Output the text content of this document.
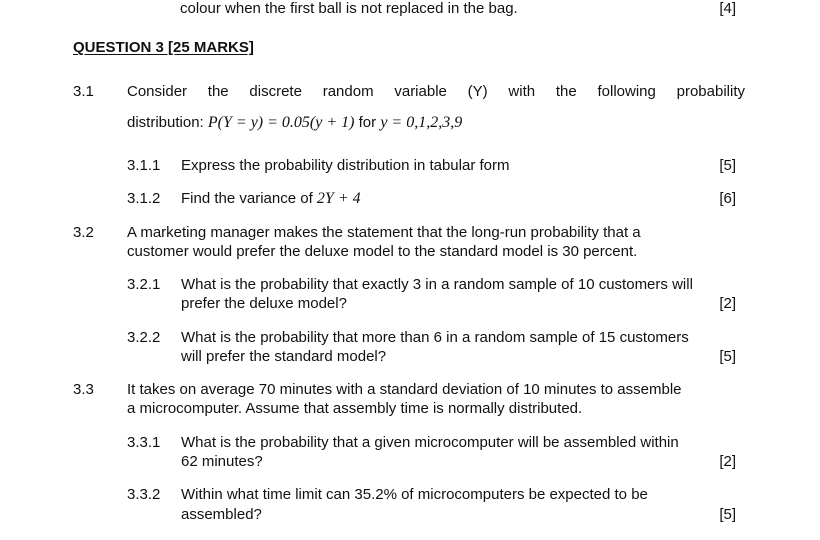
colour when the first ball is not replaced in the bag.	[4]
QUESTION 3 [25 MARKS]
3.1 Consider the discrete random variable (Y) with the following probability
distribution: P(Y = y) = 0.05(y + 1) for y = 0,1,2,3,9
3.1.1 Express the probability distribution in tabular form	[5]
3.1.2 Find the variance of 2Y + 4	[6]
3.2 A marketing manager makes the statement that the long-run probability that a
customer would prefer the deluxe model to the standard model is 30 percent.
3.2.1 What is the probability that exactly 3 in a random sample of 10 customers will
prefer the deluxe model?	[2]
3.2.2 What is the probability that more than 6 in a random sample of 15 customers
will prefer the standard model?	[5]
3.3 It takes on average 70 minutes with a standard deviation of 10 minutes to assemble
a microcomputer. Assume that assembly time is normally distributed.
3.3.1 What is the probability that a given microcomputer will be assembled within
62 minutes?	[2]
3.3.2 Within what time limit can 35.2% of microcomputers be expected to be
assembled?	[5]
